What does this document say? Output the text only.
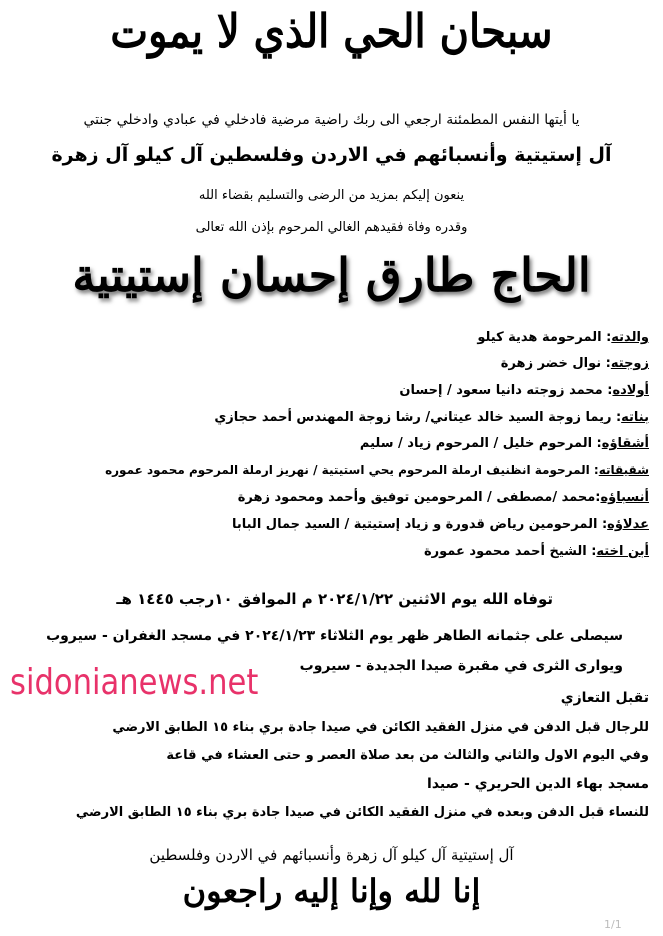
سبحان الحي الذي لا يموت
يا أيتها النفس المطمئنة ارجعي الى ربك راضية مرضية فادخلي في عبادي وادخلي جنتي
آل إستيتية وأنسبائهم في الاردن وفلسطين آل كيلو آل زهرة
ينعون إليكم بمزيد من الرضى والتسليم بقضاء الله
وقدره وفاة فقيدهم الغالي المرحوم بإذن الله تعالى
الحاج طارق إحسان إستيتية
والدته: المرحومة هدية كيلو
زوجته: نوال خضر زهرة
أولاده: محمد زوجته دانيا سعود / إحسان
بناته: ريما زوجة السيد خالد عيتاني/ رشا زوجة المهندس أحمد حجازي
أشقاؤه: المرحوم خليل / المرحوم زياد / سليم
شقيقاته: المرحومة انظنيف ارملة المرحوم يحي استيتية / نهريز ارملة المرحوم محمود عموره
أنسباؤه:محمد /مصطفى / المرحومين توفيق وأحمد ومحمود زهرة
عدلاؤه: المرحومين رياض قدورة و زياد إستيتية / السيد جمال البابا
أبن اخته: الشيخ أحمد محمود عمورة
توفاه الله يوم الاثنين ٢٠٢٤/١/٢٢ م الموافق ١٠رجب ١٤٤٥ هـ
سيصلى على جثمانه الطاهر ظهر يوم الثلاثاء ٢٠٢٤/١/٢٣ في مسجد الغفران - سيروب
ويوارى الثرى في مقبرة صيدا الجديدة - سيروب
sidonianews.net	تقبل التعازي
للرجال قبل الدفن في منزل الفقيد الكائن في صيدا جادة بري بناء ١٥ الطابق الارضي
وفي اليوم الاول والثاني والثالث من بعد صلاة العصر و حتى العشاء في قاعة
مسجد بهاء الدين الحريري - صيدا
للنساء قبل الدفن وبعده في منزل الفقيد الكائن في صيدا جادة بري بناء ١٥ الطابق الارضي
آل إستيتية آل كيلو آل زهرة وأنسبائهم في الاردن وفلسطين
إنا لله وإنا إليه راجعون
1/1
